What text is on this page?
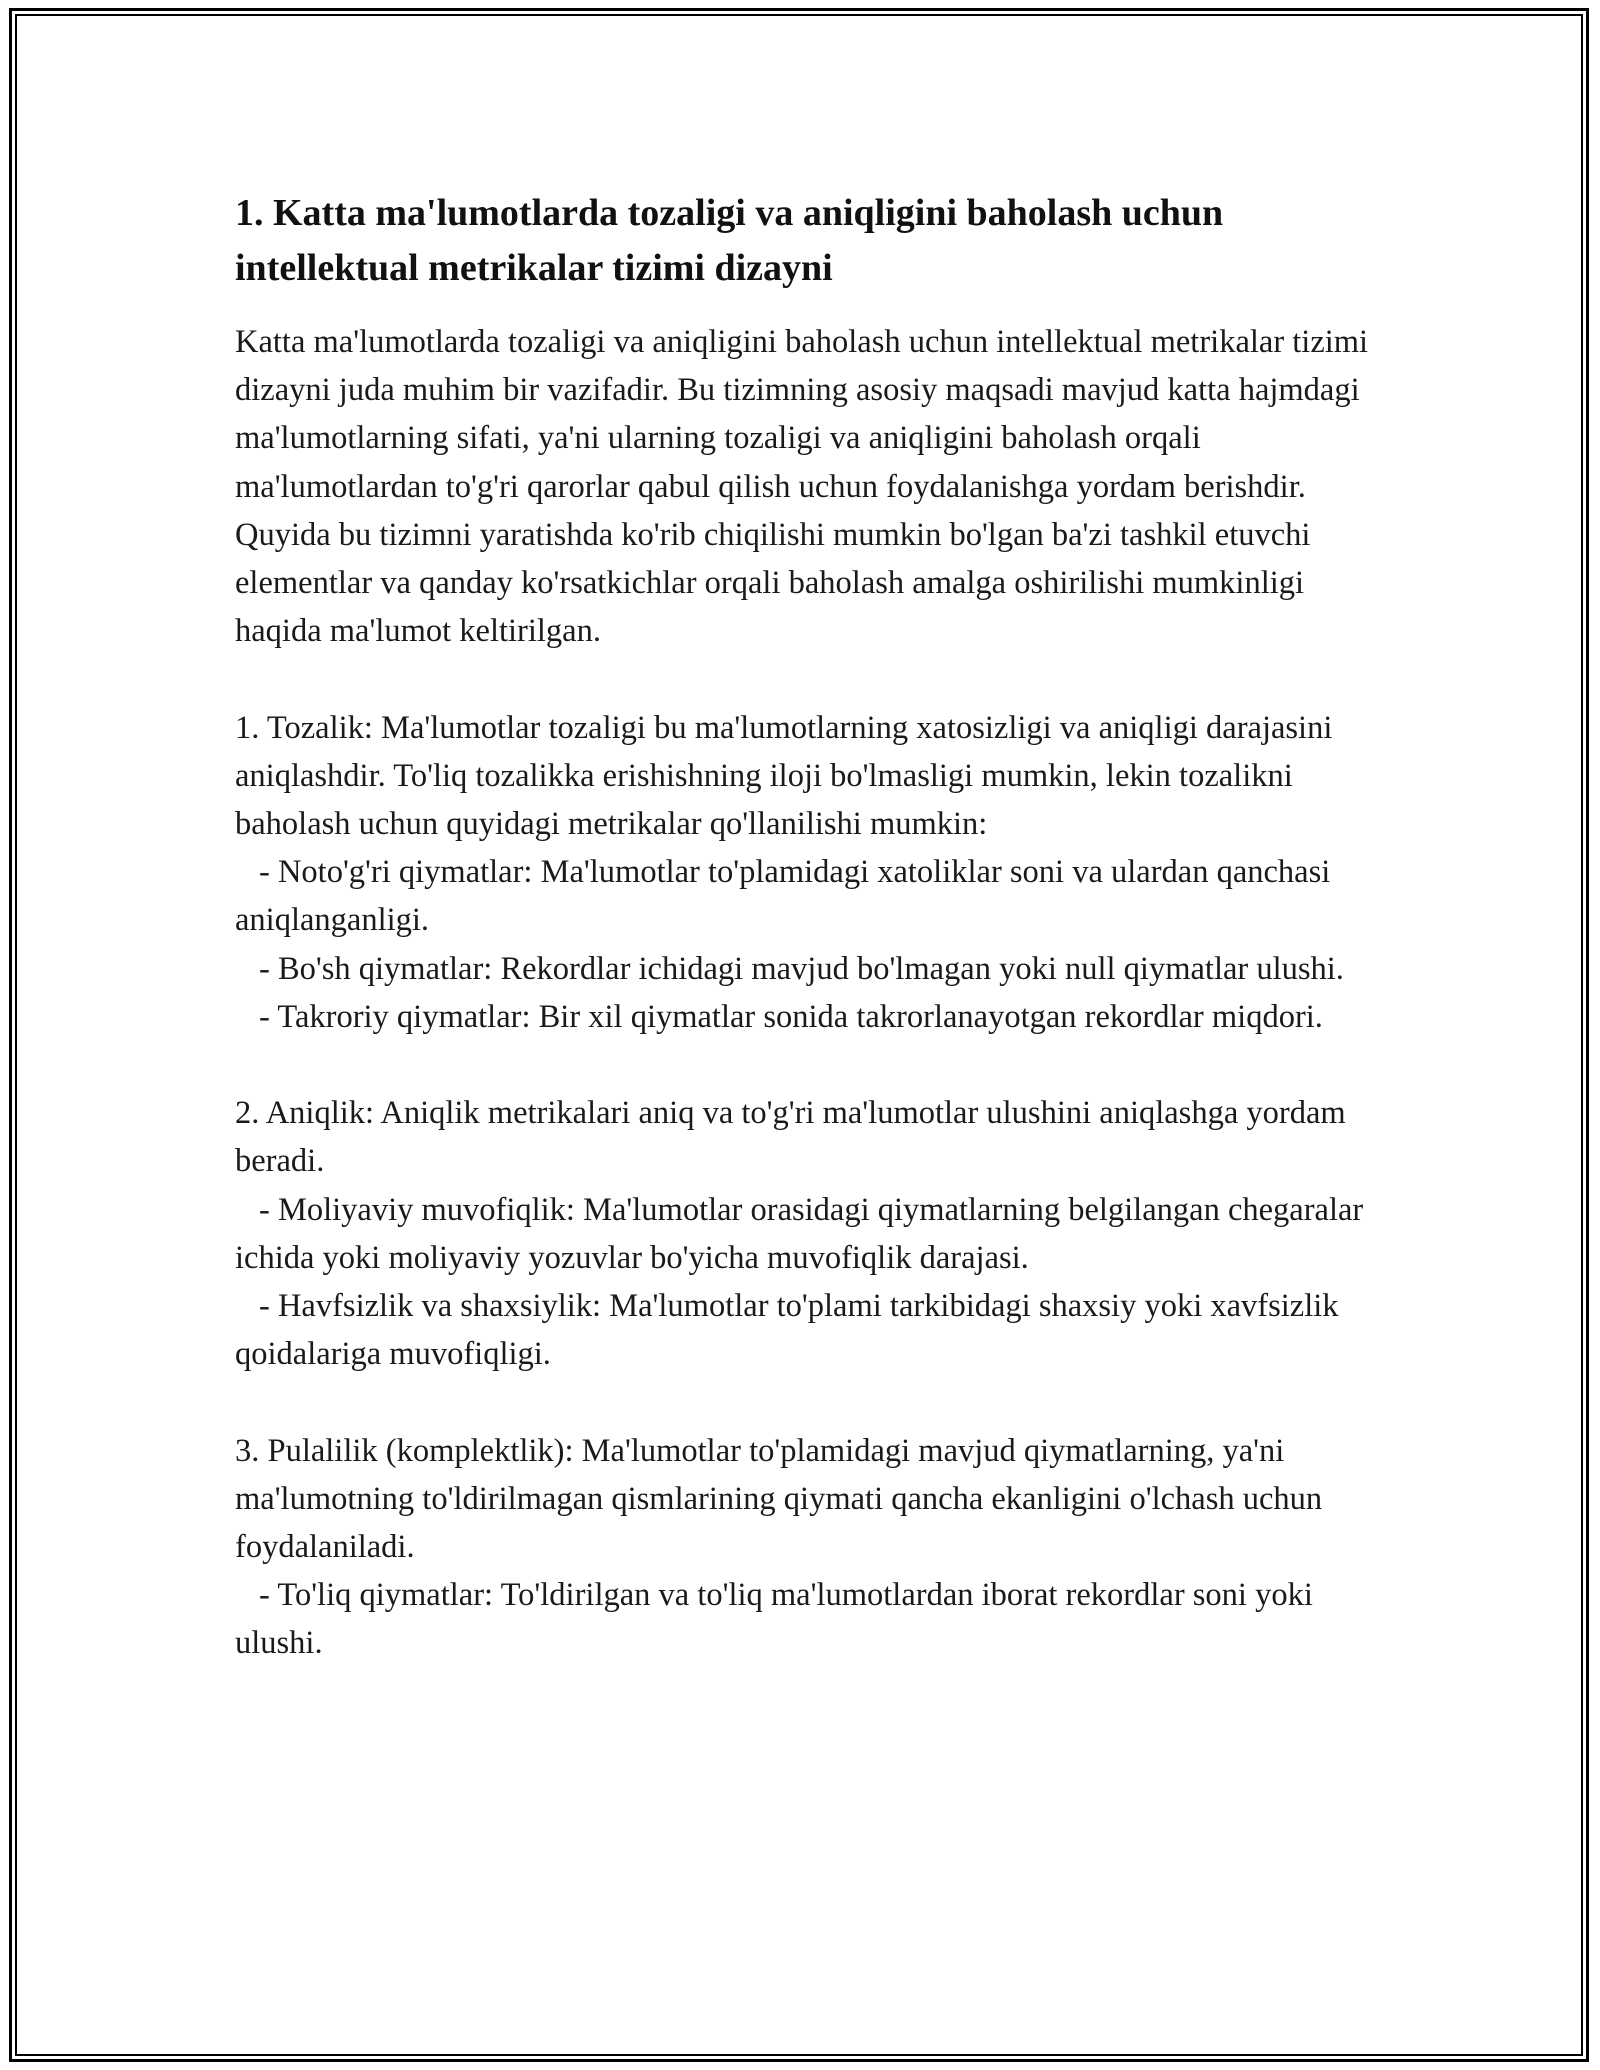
1. Katta ma'lumotlarda tozaligi va aniqligini baholash uchun intellektual metrikalar tizimi dizayni

Katta ma'lumotlarda tozaligi va aniqligini baholash uchun intellektual metrikalar tizimi dizayni juda muhim bir vazifadir. Bu tizimning asosiy maqsadi mavjud katta hajmdagi ma'lumotlarning sifati, ya'ni ularning tozaligi va aniqligini baholash orqali ma'lumotlardan to'g'ri qarorlar qabul qilish uchun foydalanishga yordam berishdir. Quyida bu tizimni yaratishda ko'rib chiqilishi mumkin bo'lgan ba'zi tashkil etuvchi elementlar va qanday ko'rsatkichlar orqali baholash amalga oshirilishi mumkinligi haqida ma'lumot keltirilgan.

1. Tozalik: Ma'lumotlar tozaligi bu ma'lumotlarning xatosizligi va aniqligi darajasini aniqlashdir. To'liq tozalikka erishishning iloji bo'lmasligi mumkin, lekin tozalikni baholash uchun quyidagi metrikalar qo'llanilishi mumkin:

- Noto'g'ri qiymatlar: Ma'lumotlar to'plamidagi xatoliklar soni va ulardan qanchasi aniqlanganligi.

- Bo'sh qiymatlar: Rekordlar ichidagi mavjud bo'lmagan yoki null qiymatlar ulushi.

- Takroriy qiymatlar: Bir xil qiymatlar sonida takrorlanayotgan rekordlar miqdori.

2. Aniqlik: Aniqlik metrikalari aniq va to'g'ri ma'lumotlar ulushini aniqlashga yordam beradi.

- Moliyaviy muvofiqlik: Ma'lumotlar orasidagi qiymatlarning belgilangan chegaralar ichida yoki moliyaviy yozuvlar bo'yicha muvofiqlik darajasi.

- Havfsizlik va shaxsiylik: Ma'lumotlar to'plami tarkibidagi shaxsiy yoki xavfsizlik qoidalariga muvofiqligi.

3. Pulalilik (komplektlik): Ma'lumotlar to'plamidagi mavjud qiymatlarning, ya'ni ma'lumotning to'ldirilmagan qismlarining qiymati qancha ekanligini o'lchash uchun foydalaniladi.

- To'liq qiymatlar: To'ldirilgan va to'liq ma'lumotlardan iborat rekordlar soni yoki ulushi.
